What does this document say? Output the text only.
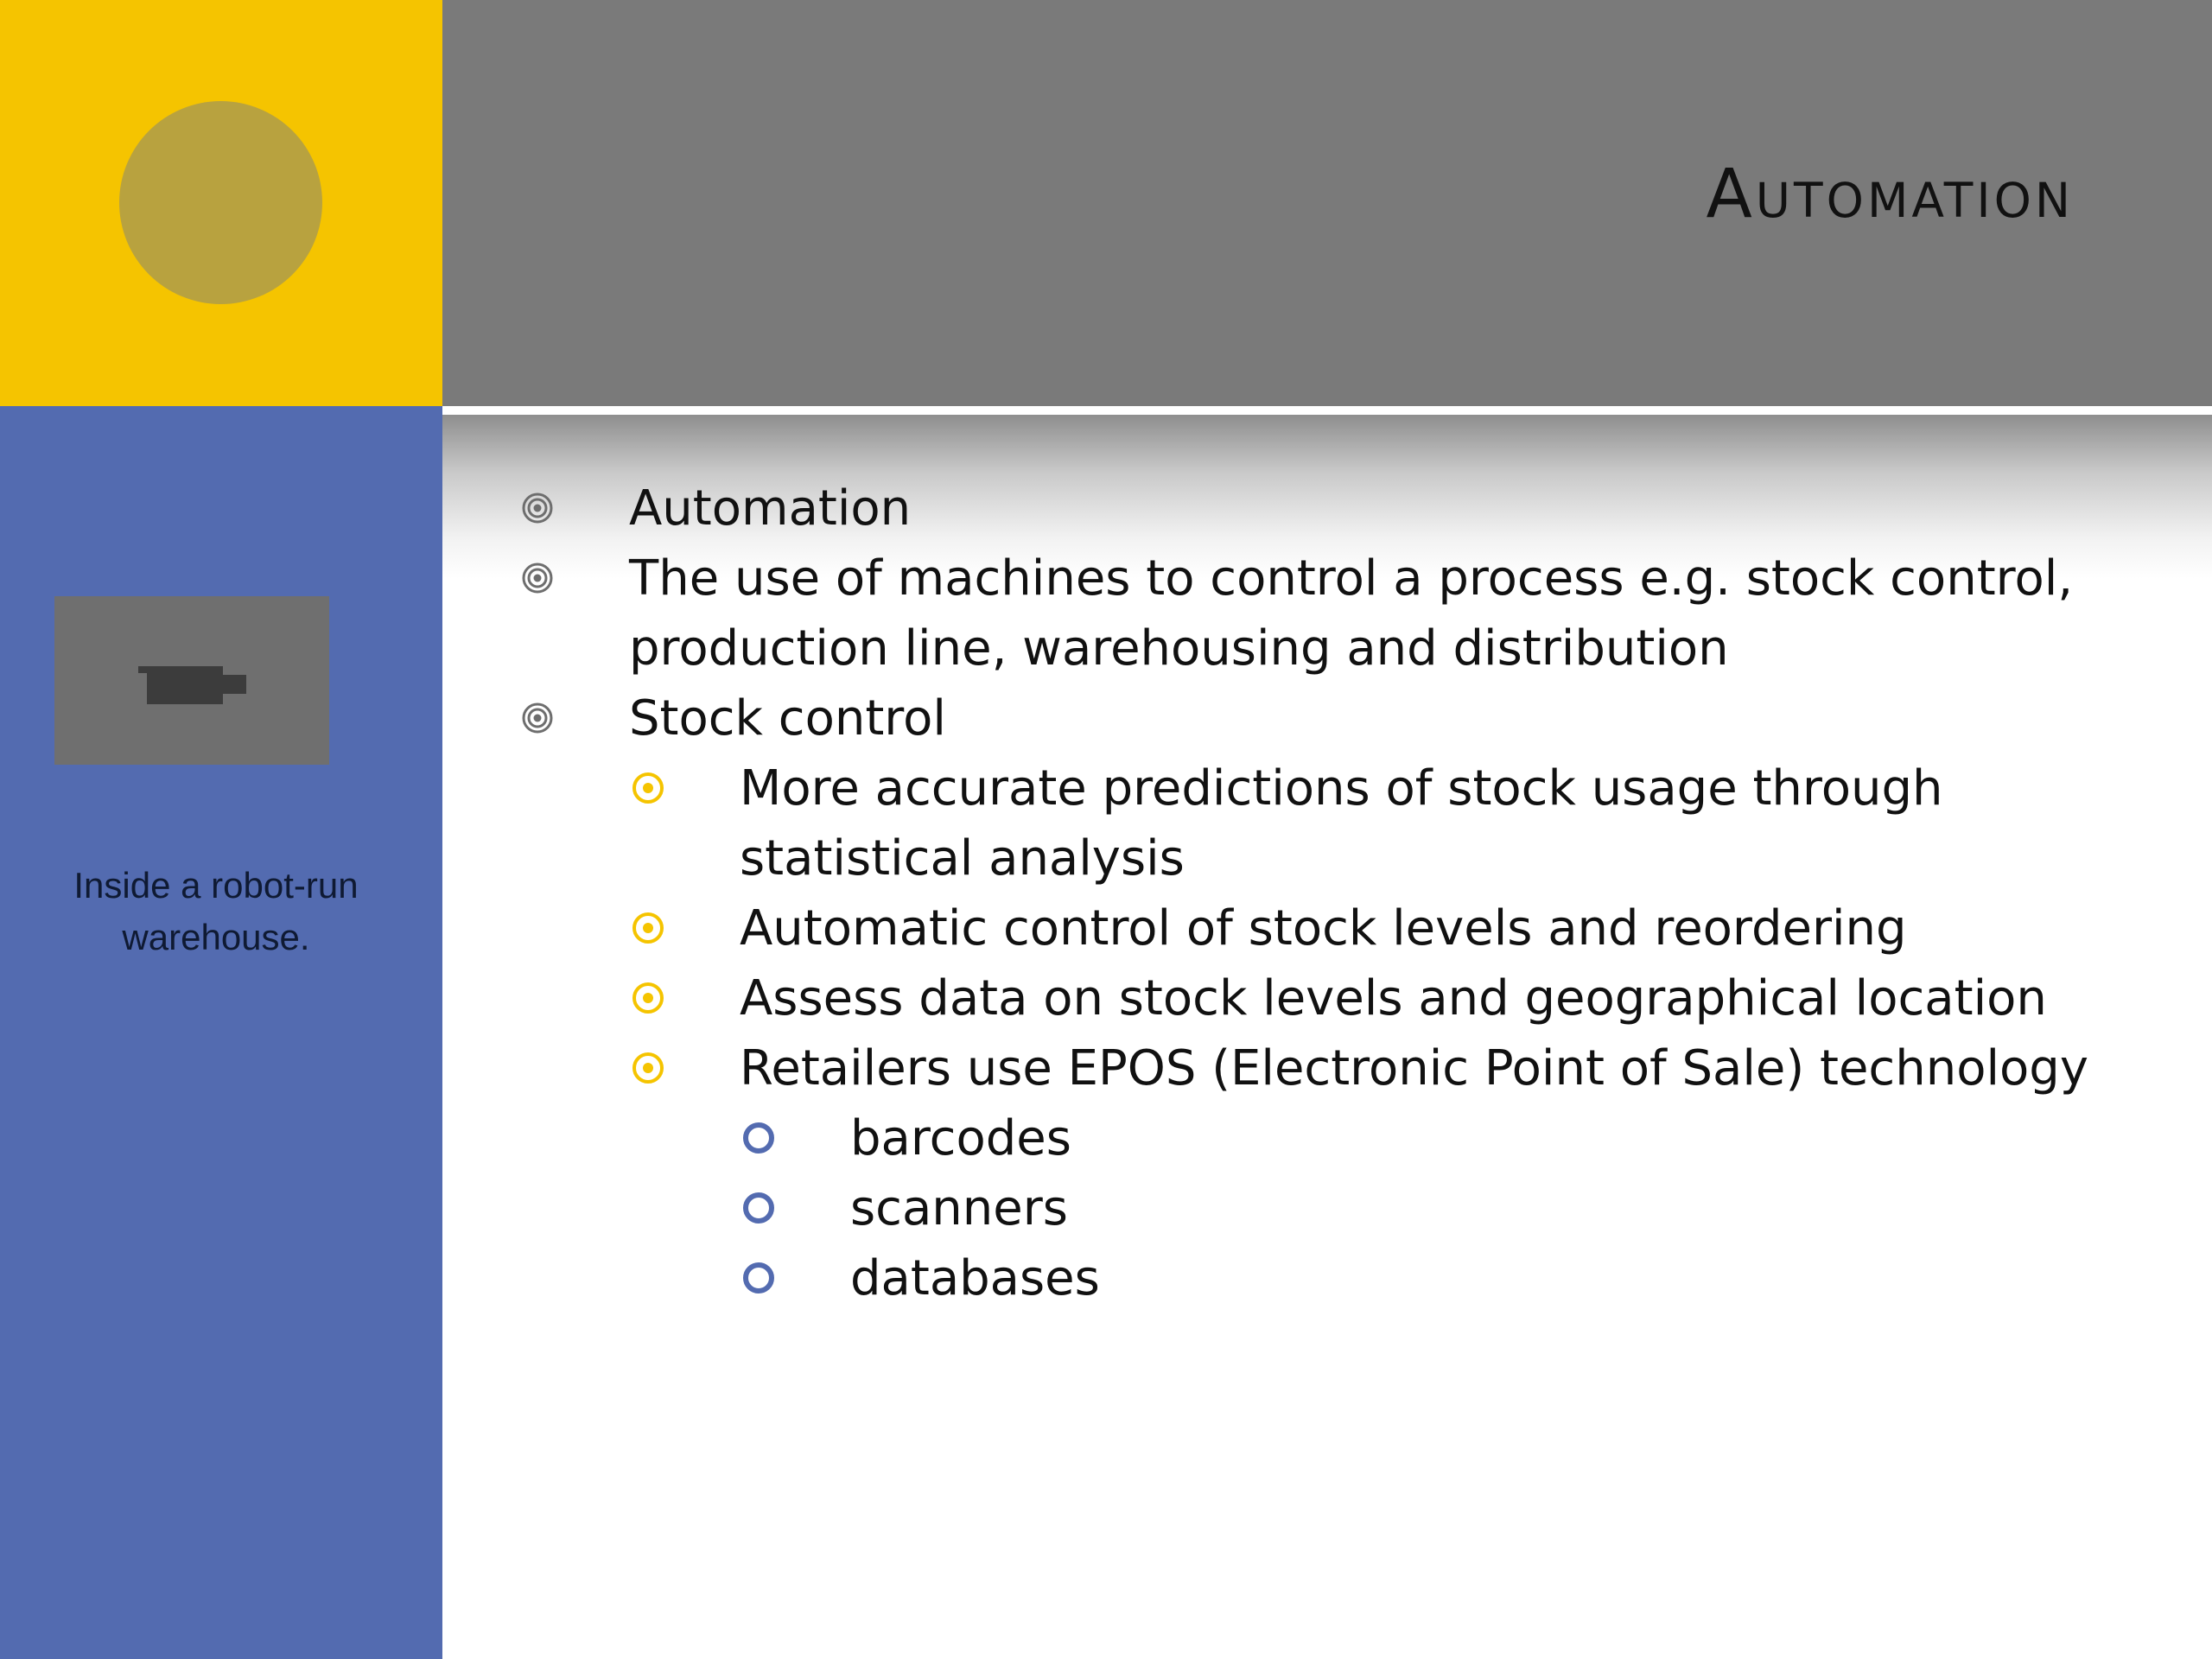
Automation
Inside a robot-run warehouse.
Automation
The use of machines to control a process e.g. stock control, production line, warehousing and distribution
Stock control
More accurate predictions of stock usage through statistical analysis
Automatic control of stock levels and reordering
Assess data on stock levels and geographical location
Retailers use EPOS (Electronic Point of Sale) technology
barcodes
scanners
databases
